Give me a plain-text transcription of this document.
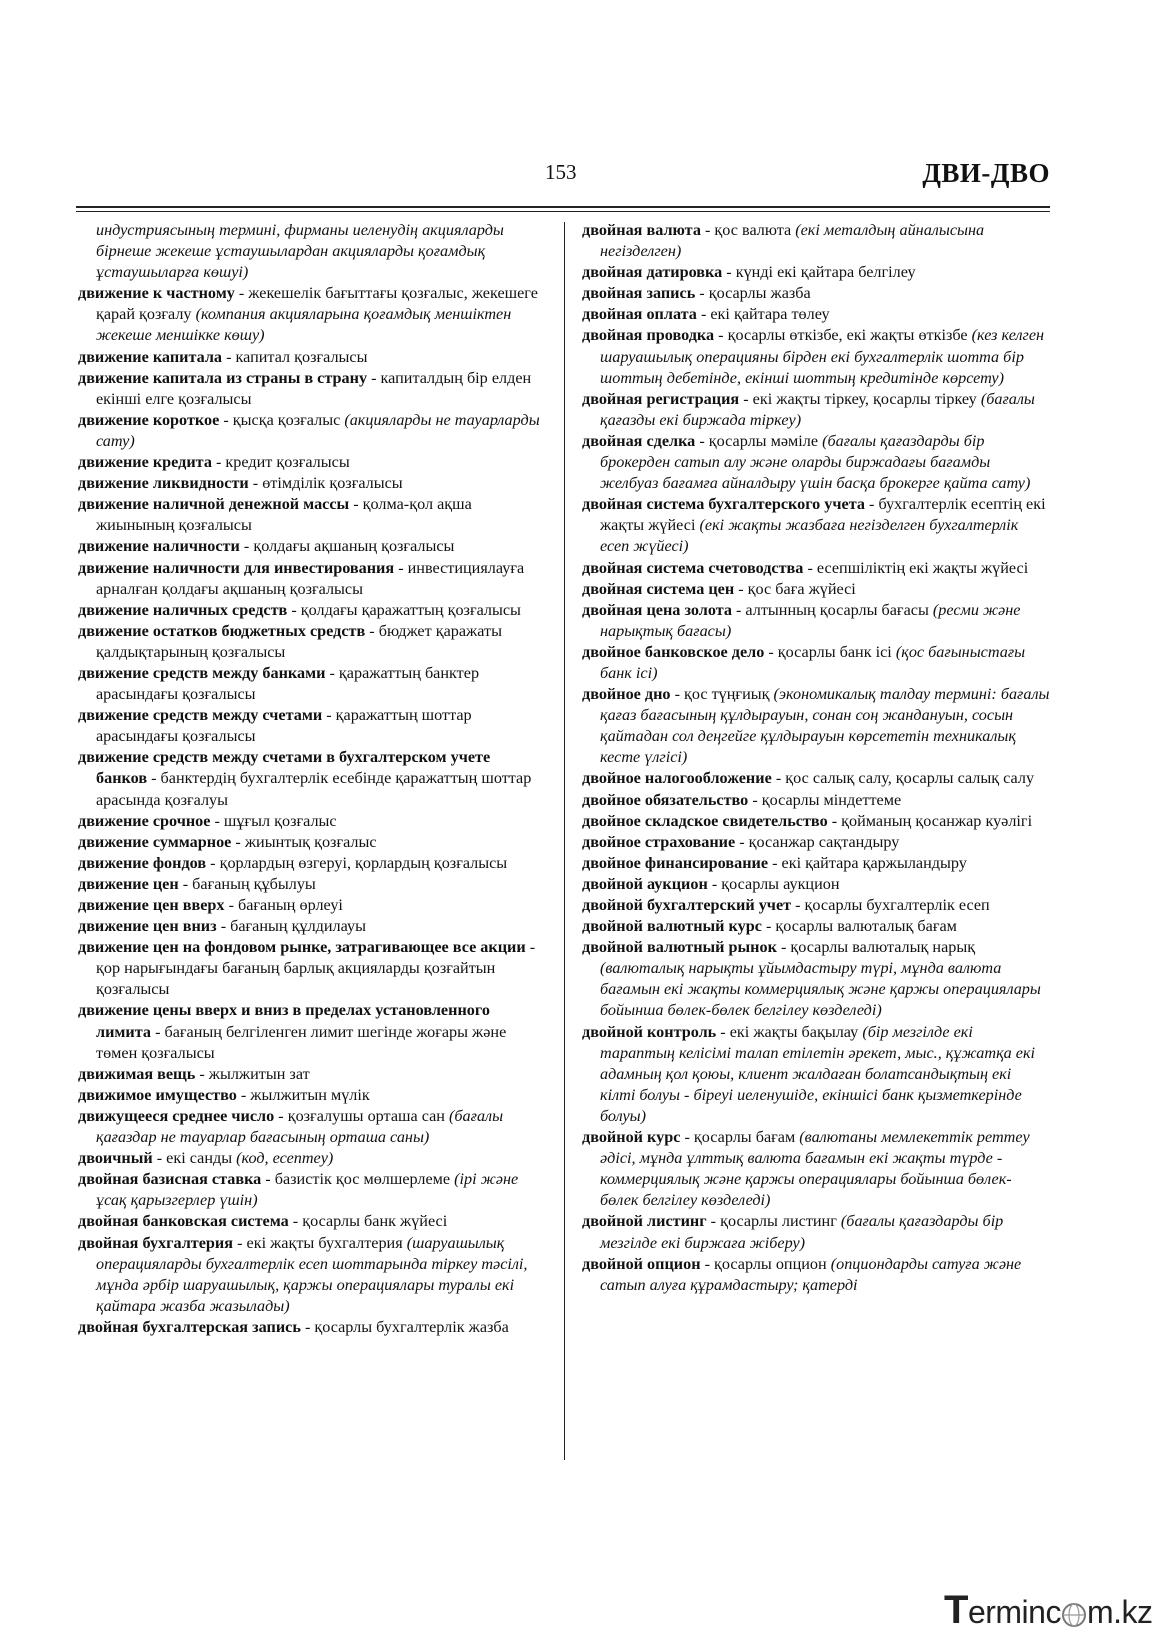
153	ДВИ-ДВО

индустриясының термині, фирманы иеленудің акцияларды бірнеше жекеше ұстаушылардан акцияларды қоғамдық ұстаушыларға көшуі)

движение к частному - жекешелік бағыттағы қозғалыс, жекешеге қарай қозғалу (компания акцияларына қоғамдық меншіктен жекеше меншікке көшу)

движение капитала - капитал қозғалысы

движение капитала из страны в страну - капиталдың бір елден екінші елге қозғалысы

движение короткое - қысқа қозғалыс (акцияларды не тауарларды сату)

движение кредита - кредит қозғалысы

движение ликвидности - өтімділік қозғалысы

движение наличной денежной массы - қолма-қол ақша жиынының қозғалысы

движение наличности - қолдағы ақшаның қозғалысы

движение наличности для инвестирования - инвестициялауға арналған қолдағы ақшаның қозғалысы

движение наличных средств - қолдағы қаражаттың қозғалысы

движение остатков бюджетных средств - бюджет қаражаты қалдықтарының қозғалысы

движение средств между банками - қаражаттың банктер арасындағы қозғалысы

движение средств между счетами - қаражаттың шоттар арасындағы қозғалысы

движение средств между счетами в бухгалтерском учете банков - банктердің бухгалтерлік есебінде қаражаттың шоттар арасында қозғалуы

движение срочное - шұғыл қозғалыс

движение суммарное - жиынтық қозғалыс

движение фондов - қорлардың өзгеруі, қорлардың қозғалысы

движение цен - бағаның құбылуы

движение цен вверх - бағаның өрлеуі

движение цен вниз - бағаның құлдилауы

движение цен на фондовом рынке, затрагивающее все акции - қор нарығындағы бағаның барлық акцияларды қозғайтын қозғалысы

движение цены вверх и вниз в пределах установленного лимита - бағаның белгіленген лимит шегінде жоғары және төмен қозғалысы

движимая вещь - жылжитын зат

движимое имущество - жылжитын мүлік

движущееся среднее число - қозғалушы орташа сан (бағалы қағаздар не тауарлар бағасының орташа саны)

двоичный - екі санды (код, есептеу)

двойная базисная ставка - базистік қос мөлшерлеме (ірі және ұсақ қарызгерлер үшін)

двойная банковская система - қосарлы банк жүйесі

двойная бухгалтерия - екі жақты бухгалтерия (шаруашылық операцияларды бухгалтерлік есеп шоттарында тіркеу тәсілі, мұнда әрбір шаруашылық, қаржы операциялары туралы екі қайтара жазба жазылады)

двойная бухгалтерская запись - қосарлы бухгалтерлік жазба

двойная валюта - қос валюта (екі металдың айналысына негізделген)

двойная датировка - күнді екі қайтара белгілеу

двойная запись - қосарлы жазба

двойная оплата - екі қайтара төлеу

двойная проводка - қосарлы өткізбе, екі жақты өткізбе (кез келген шаруашылық операцияны бірден екі бухгалтерлік шотта бір шоттың дебетінде, екінші шоттың кредитінде көрсету)

двойная регистрация - екі жақты тіркеу, қосарлы тіркеу (бағалы қағазды екі биржада тіркеу)

двойная сделка - қосарлы мәміле (бағалы қағаздарды бір брокерден сатып алу және оларды биржадағы бағамды желбуаз бағамға айналдыру үшін басқа брокерге қайта сату)

двойная система бухгалтерского учета - бухгалтерлік есептің екі жақты жүйесі (екі жақты жазбаға негізделген бухгалтерлік есеп жүйесі)

двойная система счетоводства - есепшіліктің екі жақты жүйесі

двойная система цен - қос баға жүйесі

двойная цена золота - алтынның қосарлы бағасы (ресми және нарықтық бағасы)

двойное банковское дело - қосарлы банк ісі (қос бағыныстағы банк ісі)

двойное дно - қос түңғиық (экономикалық талдау термині: бағалы қағаз бағасының құлдырауын, сонан соң жандануын, сосын қайтадан сол деңгейге құлдырауын көрсететін техникалық кесте үлгісі)

двойное налогообложение - қос салық салу, қосарлы салық салу

двойное обязательство - қосарлы міндеттеме

двойное складское свидетельство - қойманың қосанжар куәлігі

двойное страхование - қосанжар сақтандыру

двойное финансирование - екі қайтара қаржыландыру

двойной аукцион - қосарлы аукцион

двойной бухгалтерский учет - қосарлы бухгалтерлік есеп

двойной валютный курс - қосарлы валюталық бағам

двойной валютный рынок - қосарлы валюталық нарық (валюталық нарықты ұйымдастыру түрі, мұнда валюта бағамын екі жақты коммерциялық және қаржы операциялары бойынша бөлек-бөлек белгілеу көзделеді)

двойной контроль - екі жақты бақылау (бір мезгілде екі тараптың келісімі талап етілетін әрекет, мыс., құжатқа екі адамның қол қоюы, клиент жалдаған болатсандықтың екі кілті болуы - біреуі иеленушіде, екіншісі банк қызметкерінде болуы)

двойной курс - қосарлы бағам (валютаны мемлекеттік реттеу әдісі, мұнда ұлттық валюта бағамын екі жақты түрде - коммерциялық және қаржы операциялары бойынша бөлек-бөлек белгілеу көзделеді)

двойной листинг - қосарлы листинг (бағалы қағаздарды бір мезгілде екі биржаға жіберу)

двойной опцион - қосарлы опцион (опциондарды сатуға және сатып алуға құрамдастыру; қатерді

Terminc m.kz
